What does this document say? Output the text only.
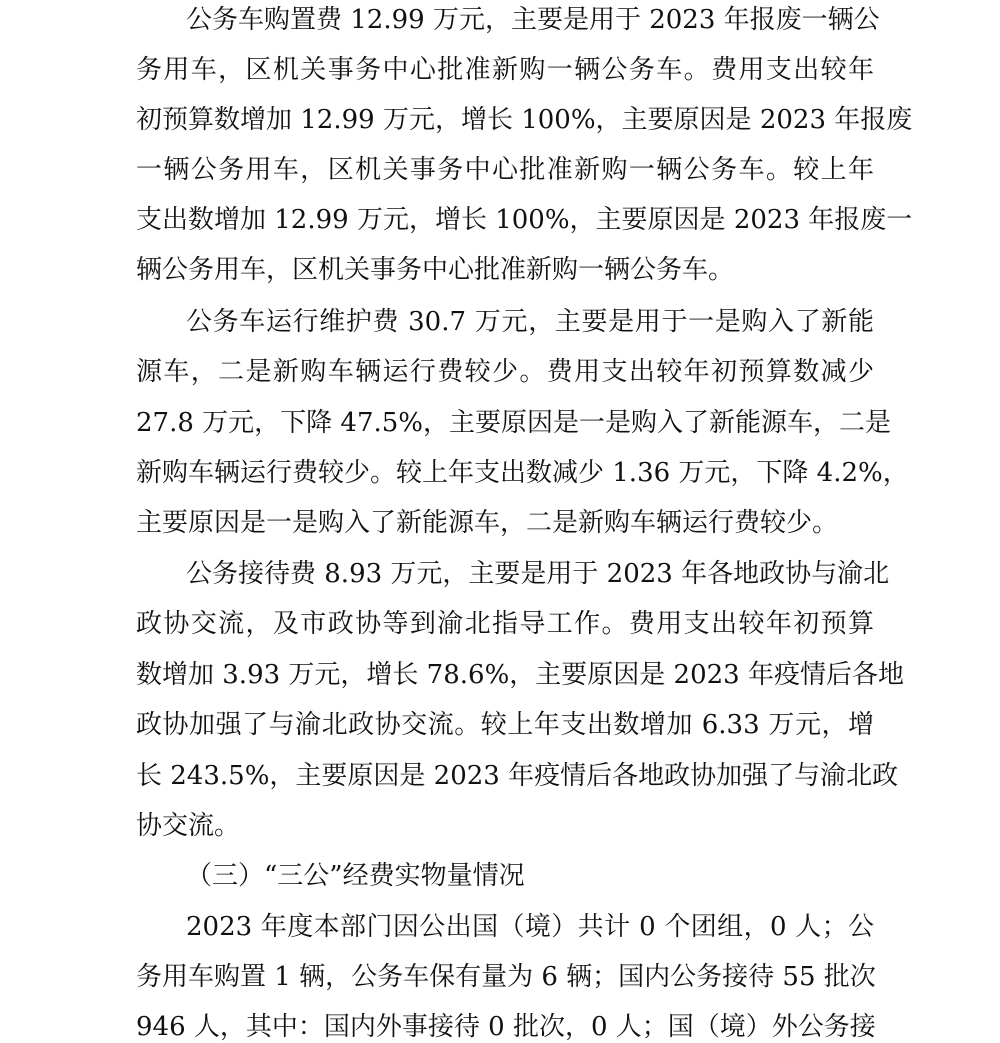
公务车购置费 12.99 万元，主要是用于 2023 年报废一辆公
务用车，区机关事务中心批准新购一辆公务车。费用支出较年
初预算数增加 12.99 万元，增长 100%，主要原因是 2023 年报废
一辆公务用车，区机关事务中心批准新购一辆公务车。较上年
支出数增加 12.99 万元，增长 100%，主要原因是 2023 年报废一
辆公务用车，区机关事务中心批准新购一辆公务车。
公务车运行维护费 30.7 万元，主要是用于一是购入了新能
源车，二是新购车辆运行费较少。费用支出较年初预算数减少
27.8 万元，下降 47.5%，主要原因是一是购入了新能源车，二是
新购车辆运行费较少。较上年支出数减少 1.36 万元，下降 4.2%，
主要原因是一是购入了新能源车，二是新购车辆运行费较少。
公务接待费 8.93 万元，主要是用于 2023 年各地政协与渝北
政协交流，及市政协等到渝北指导工作。费用支出较年初预算
数增加 3.93 万元，增长 78.6%，主要原因是 2023 年疫情后各地
政协加强了与渝北政协交流。较上年支出数增加 6.33 万元，增
长 243.5%，主要原因是 2023 年疫情后各地政协加强了与渝北政
协交流。
（三）“三公”经费实物量情况
2023 年度本部门因公出国（境）共计 0 个团组，0 人；公
务用车购置 1 辆，公务车保有量为 6 辆；国内公务接待 55 批次
946 人，其中：国内外事接待 0 批次，0 人；国（境）外公务接
